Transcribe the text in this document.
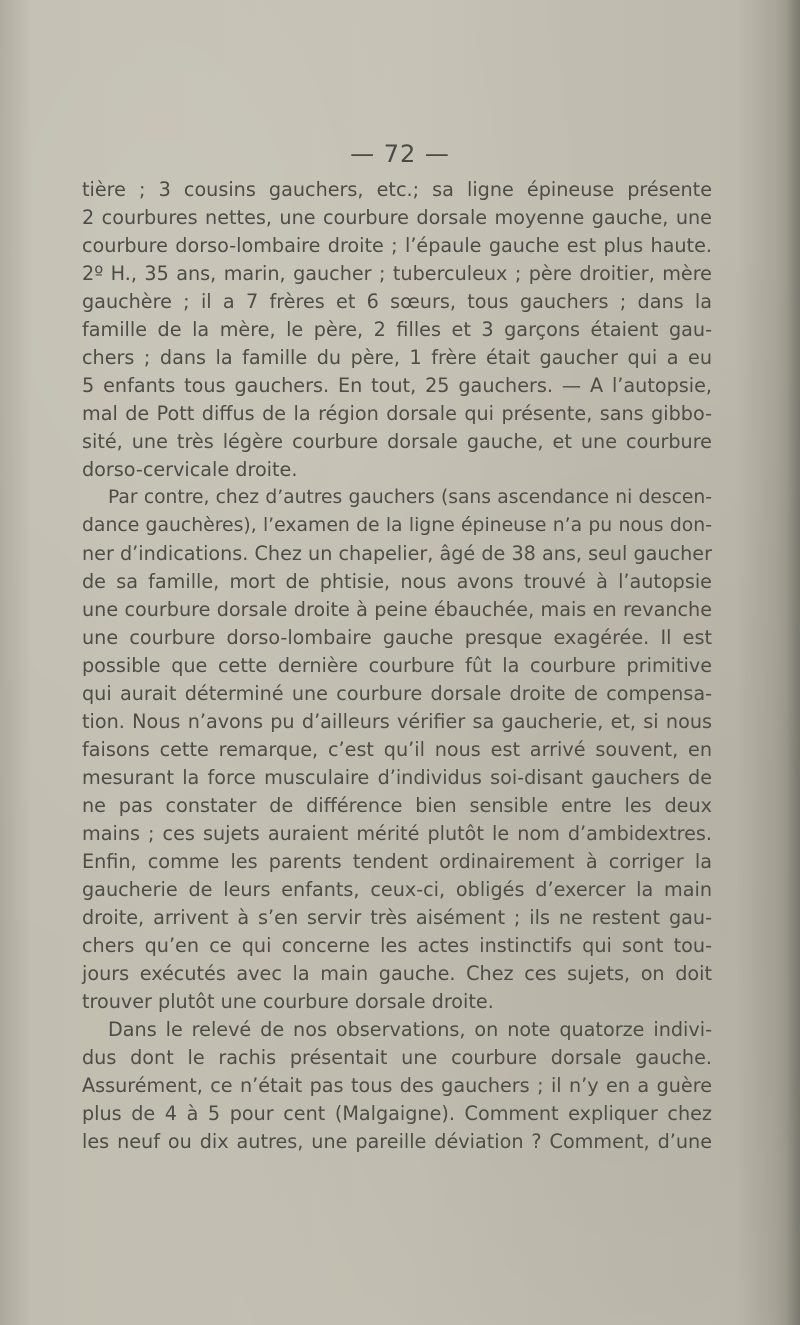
— 72 —
tière ; 3 cousins gauchers, etc.; sa ligne épineuse présente
2 courbures nettes, une courbure dorsale moyenne gauche, une
courbure dorso-lombaire droite ; l’épaule gauche est plus haute.
2º H., 35 ans, marin, gaucher ; tuberculeux ; père droitier, mère
gauchère ; il a 7 frères et 6 sœurs, tous gauchers ; dans la
famille de la mère, le père, 2 filles et 3 garçons étaient gau-
chers ; dans la famille du père, 1 frère était gaucher qui a eu
5 enfants tous gauchers. En tout, 25 gauchers. — A l’autopsie,
mal de Pott diffus de la région dorsale qui présente, sans gibbo-
sité, une très légère courbure dorsale gauche, et une courbure
dorso-cervicale droite.
Par contre, chez d’autres gauchers (sans ascendance ni descen-
dance gauchères), l’examen de la ligne épineuse n’a pu nous don-
ner d’indications. Chez un chapelier, âgé de 38 ans, seul gaucher
de sa famille, mort de phtisie, nous avons trouvé à l’autopsie
une courbure dorsale droite à peine ébauchée, mais en revanche
une courbure dorso-lombaire gauche presque exagérée. Il est
possible que cette dernière courbure fût la courbure primitive
qui aurait déterminé une courbure dorsale droite de compensa-
tion. Nous n’avons pu d’ailleurs vérifier sa gaucherie, et, si nous
faisons cette remarque, c’est qu’il nous est arrivé souvent, en
mesurant la force musculaire d’individus soi-disant gauchers de
ne pas constater de différence bien sensible entre les deux
mains ; ces sujets auraient mérité plutôt le nom d’ambidextres.
Enfin, comme les parents tendent ordinairement à corriger la
gaucherie de leurs enfants, ceux-ci, obligés d’exercer la main
droite, arrivent à s’en servir très aisément ; ils ne restent gau-
chers qu’en ce qui concerne les actes instinctifs qui sont tou-
jours exécutés avec la main gauche. Chez ces sujets, on doit
trouver plutôt une courbure dorsale droite.
Dans le relevé de nos observations, on note quatorze indivi-
dus dont le rachis présentait une courbure dorsale gauche.
Assurément, ce n’était pas tous des gauchers ; il n’y en a guère
plus de 4 à 5 pour cent (Malgaigne). Comment expliquer chez
les neuf ou dix autres, une pareille déviation ? Comment, d’une
